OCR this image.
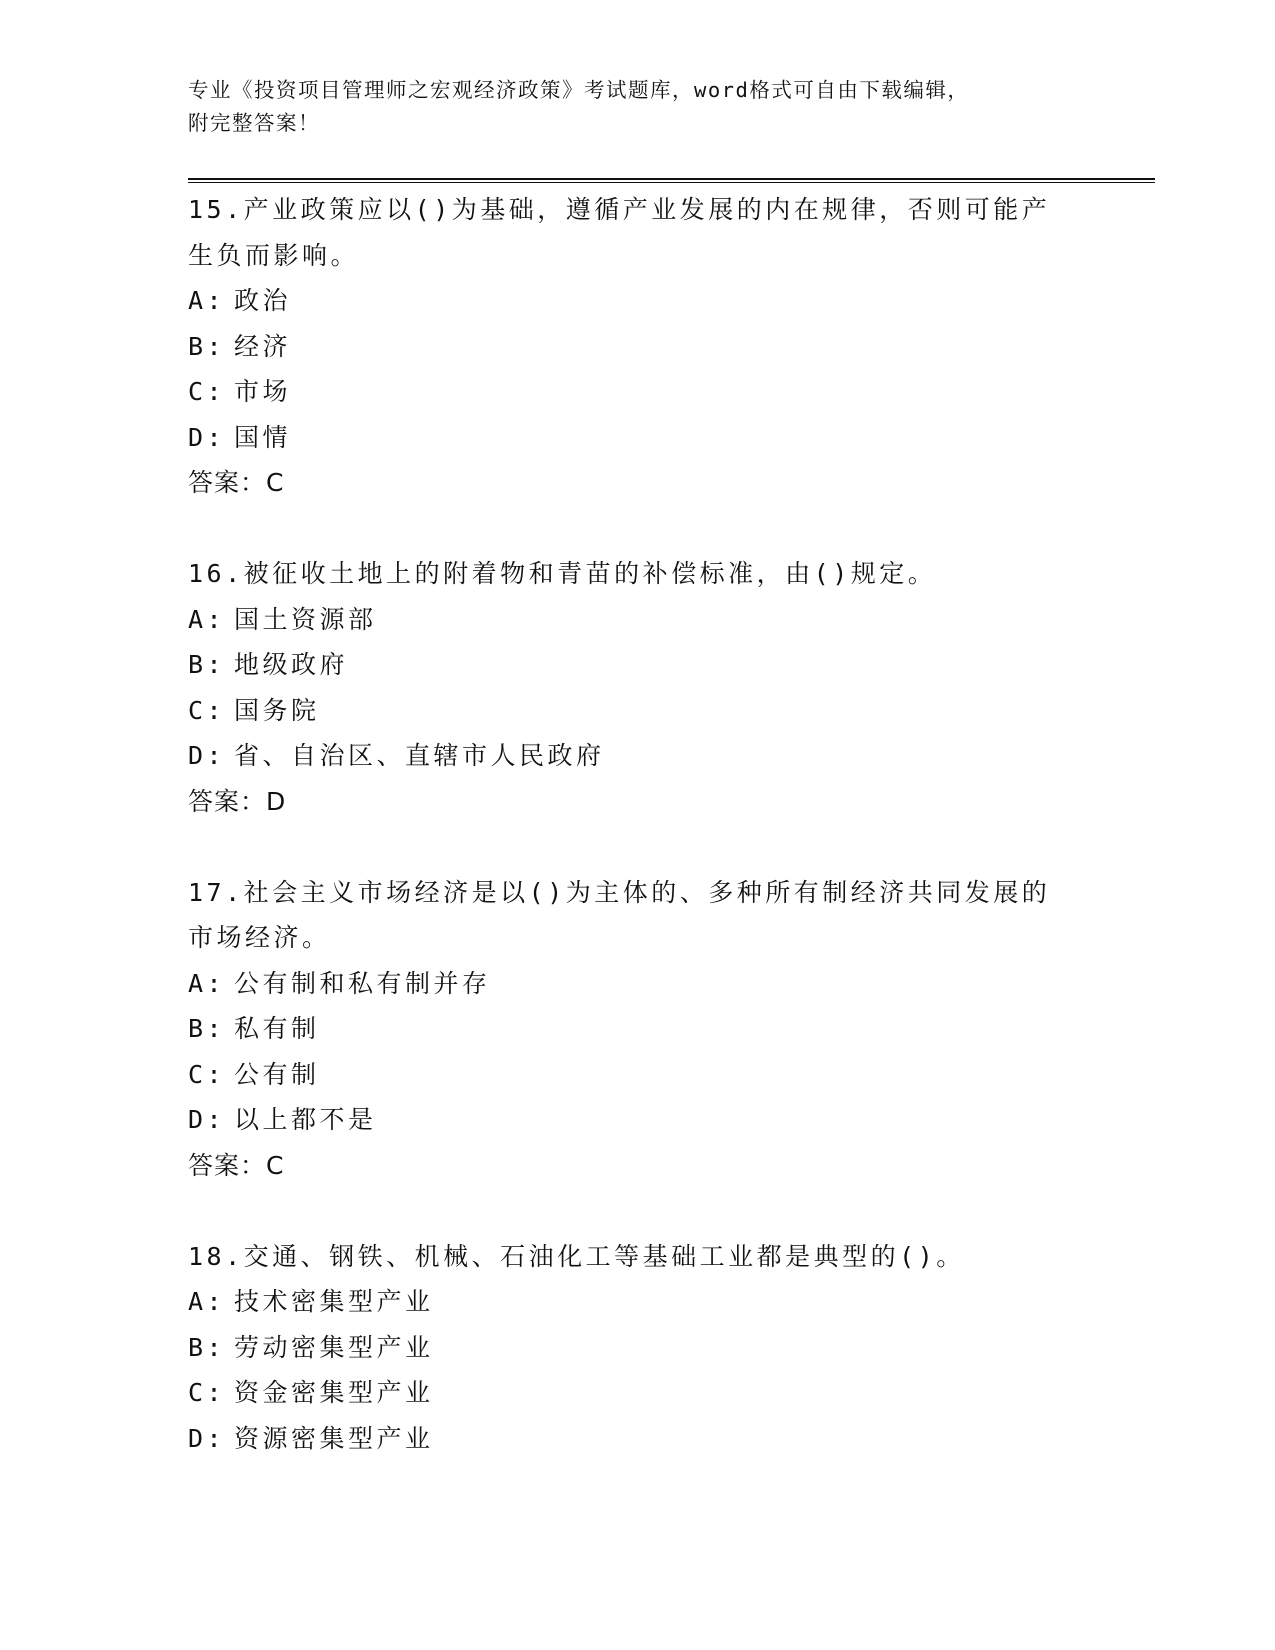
专业《投资项目管理师之宏观经济政策》考试题库，word格式可自由下载编辑，
附完整答案！
15.产业政策应以()为基础，遵循产业发展的内在规律，否则可能产生负而影响。
A: 政治
B: 经济
C: 市场
D: 国情
答案：C
16.被征收土地上的附着物和青苗的补偿标准，由()规定。
A: 国土资源部
B: 地级政府
C: 国务院
D: 省、自治区、直辖市人民政府
答案：D
17.社会主义市场经济是以()为主体的、多种所有制经济共同发展的市场经济。
A: 公有制和私有制并存
B: 私有制
C: 公有制
D: 以上都不是
答案：C
18.交通、钢铁、机械、石油化工等基础工业都是典型的()。
A: 技术密集型产业
B: 劳动密集型产业
C: 资金密集型产业
D: 资源密集型产业
